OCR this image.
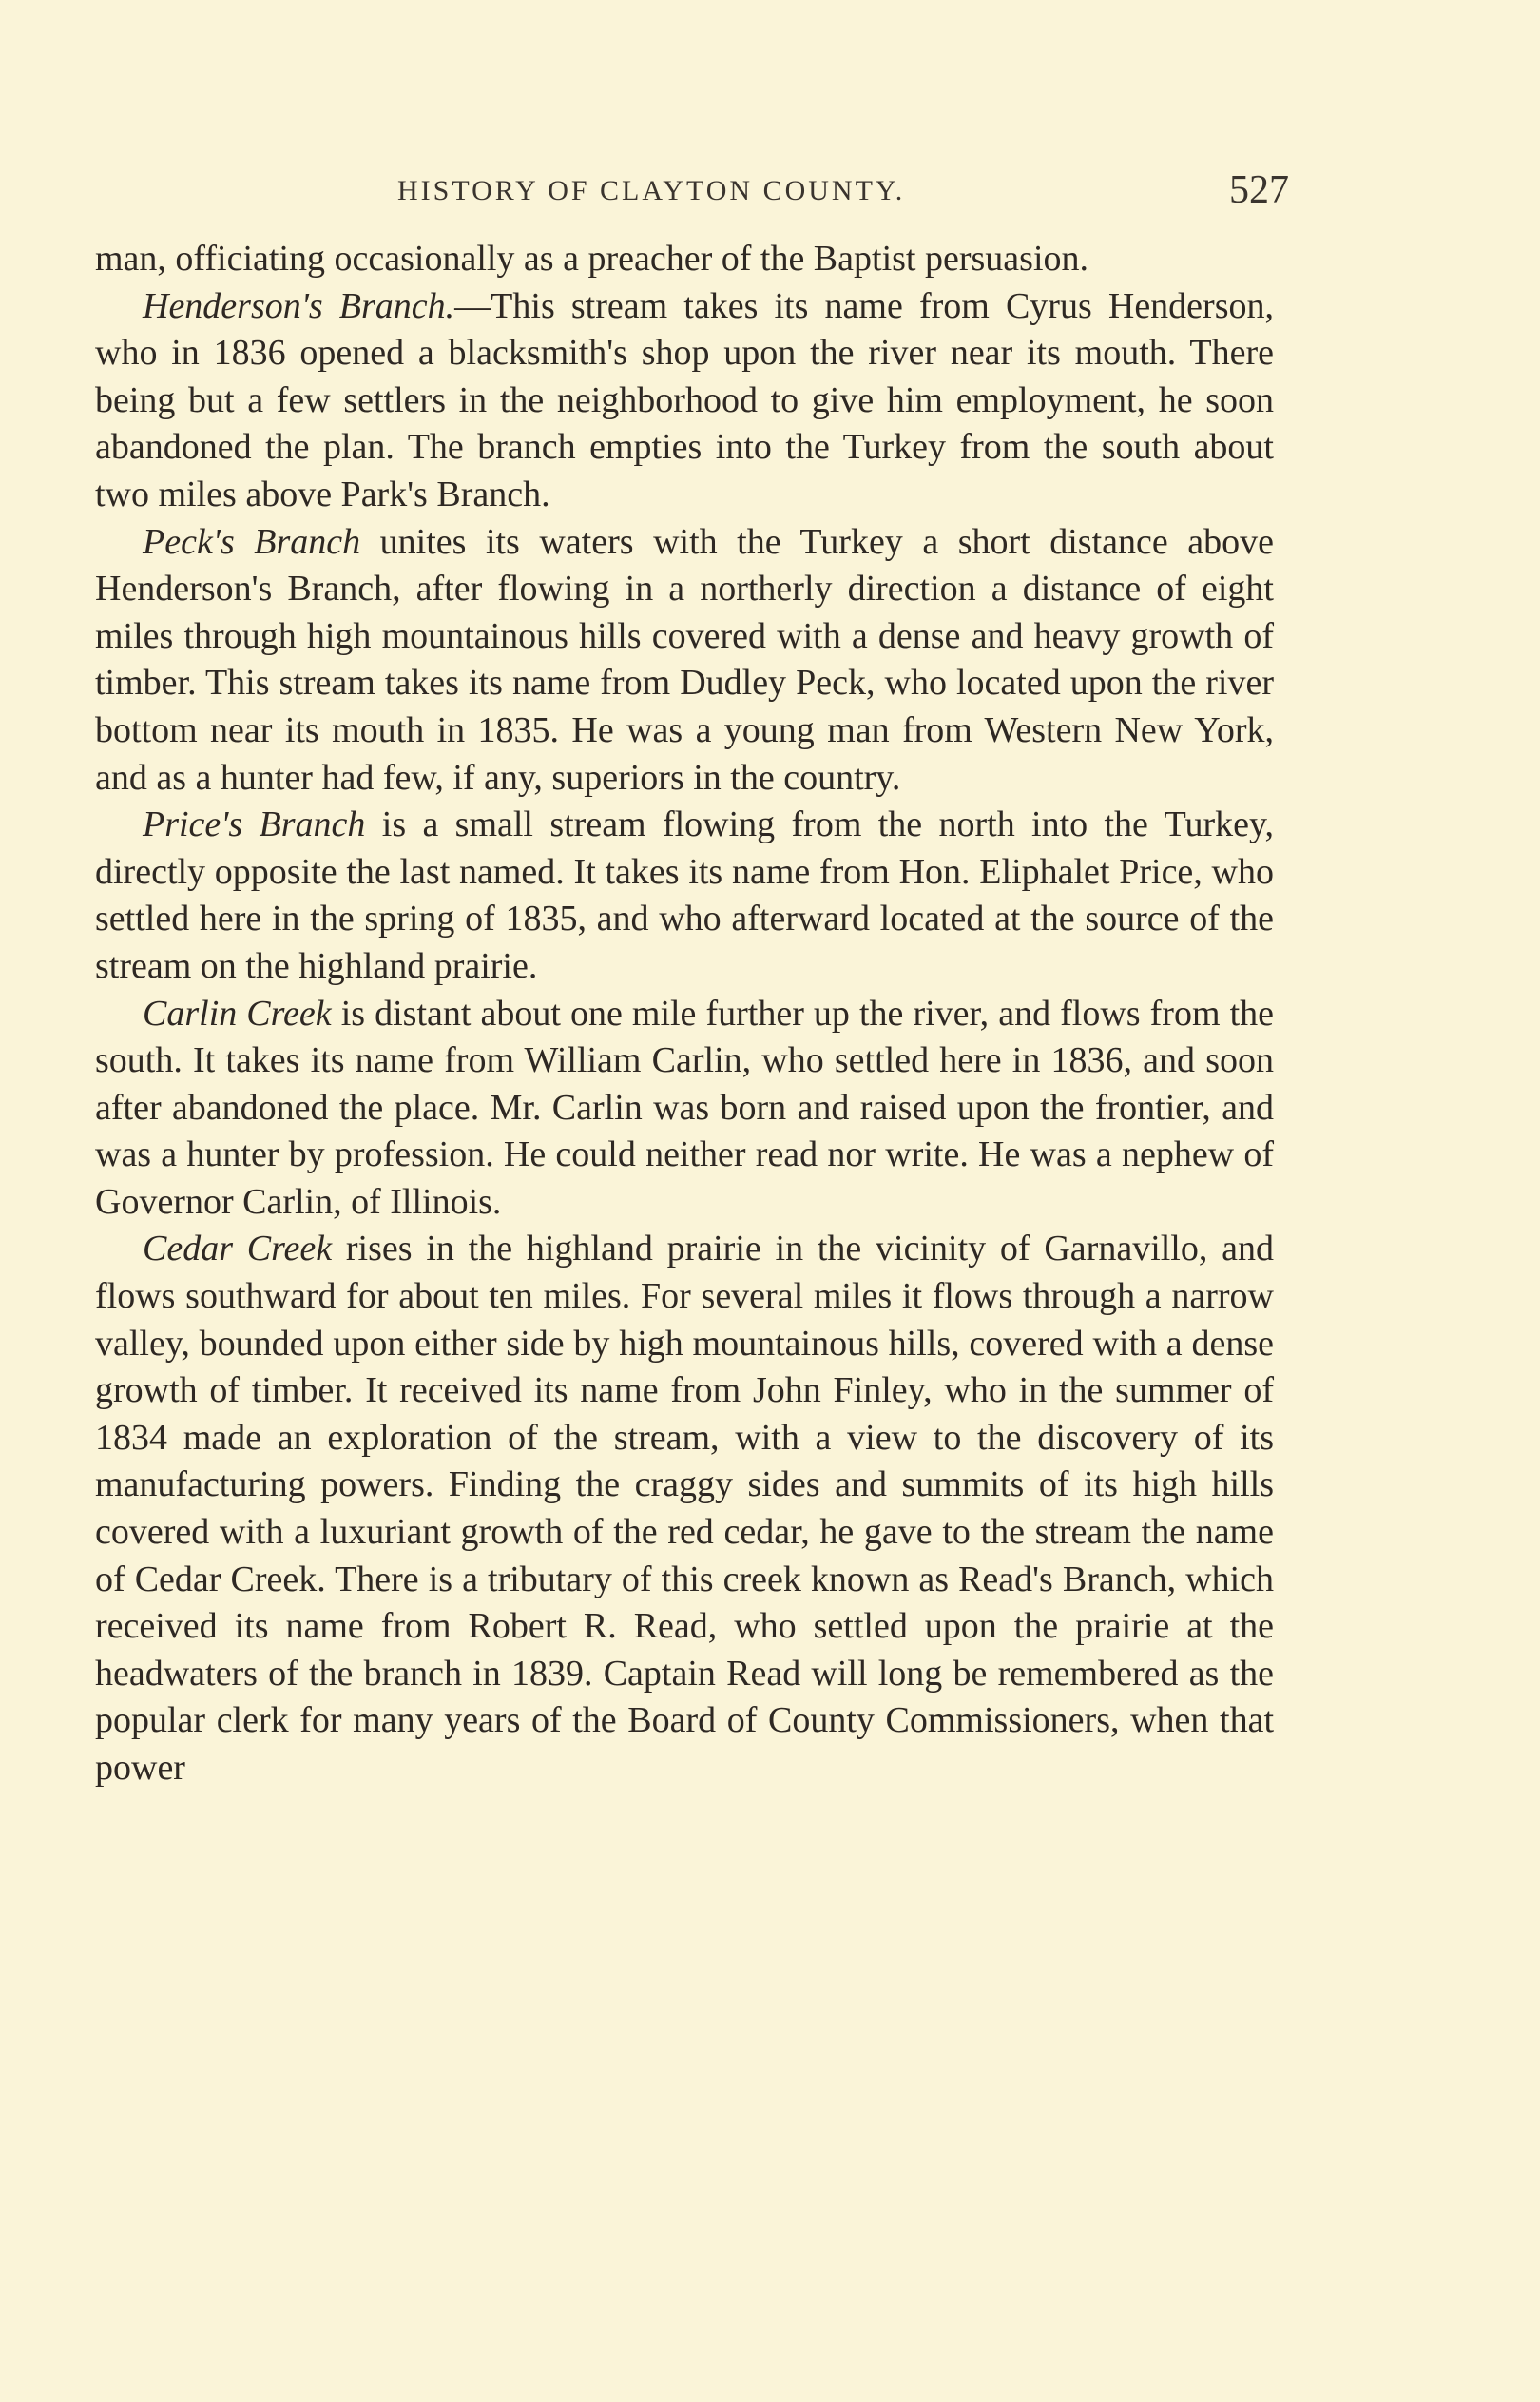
HISTORY OF CLAYTON COUNTY.	527

man, officiating occasionally as a preacher of the Baptist persuasion.

Henderson's Branch.—This stream takes its name from Cyrus Henderson, who in 1836 opened a blacksmith's shop upon the river near its mouth. There being but a few settlers in the neighborhood to give him employment, he soon abandoned the plan. The branch empties into the Turkey from the south about two miles above Park's Branch.

Peck's Branch unites its waters with the Turkey a short distance above Henderson's Branch, after flowing in a northerly direction a distance of eight miles through high mountainous hills covered with a dense and heavy growth of timber. This stream takes its name from Dudley Peck, who located upon the river bottom near its mouth in 1835. He was a young man from Western New York, and as a hunter had few, if any, superiors in the country.

Price's Branch is a small stream flowing from the north into the Turkey, directly opposite the last named. It takes its name from Hon. Eliphalet Price, who settled here in the spring of 1835, and who afterward located at the source of the stream on the highland prairie.

Carlin Creek is distant about one mile further up the river, and flows from the south. It takes its name from William Carlin, who settled here in 1836, and soon after abandoned the place. Mr. Carlin was born and raised upon the frontier, and was a hunter by profession. He could neither read nor write. He was a nephew of Governor Carlin, of Illinois.

Cedar Creek rises in the highland prairie in the vicinity of Garnavillo, and flows southward for about ten miles. For several miles it flows through a narrow valley, bounded upon either side by high mountainous hills, covered with a dense growth of timber. It received its name from John Finley, who in the summer of 1834 made an exploration of the stream, with a view to the discovery of its manufacturing powers. Finding the craggy sides and summits of its high hills covered with a luxuriant growth of the red cedar, he gave to the stream the name of Cedar Creek. There is a tributary of this creek known as Read's Branch, which received its name from Robert R. Read, who settled upon the prairie at the headwaters of the branch in 1839. Captain Read will long be remembered as the popular clerk for many years of the Board of County Commissioners, when that power
